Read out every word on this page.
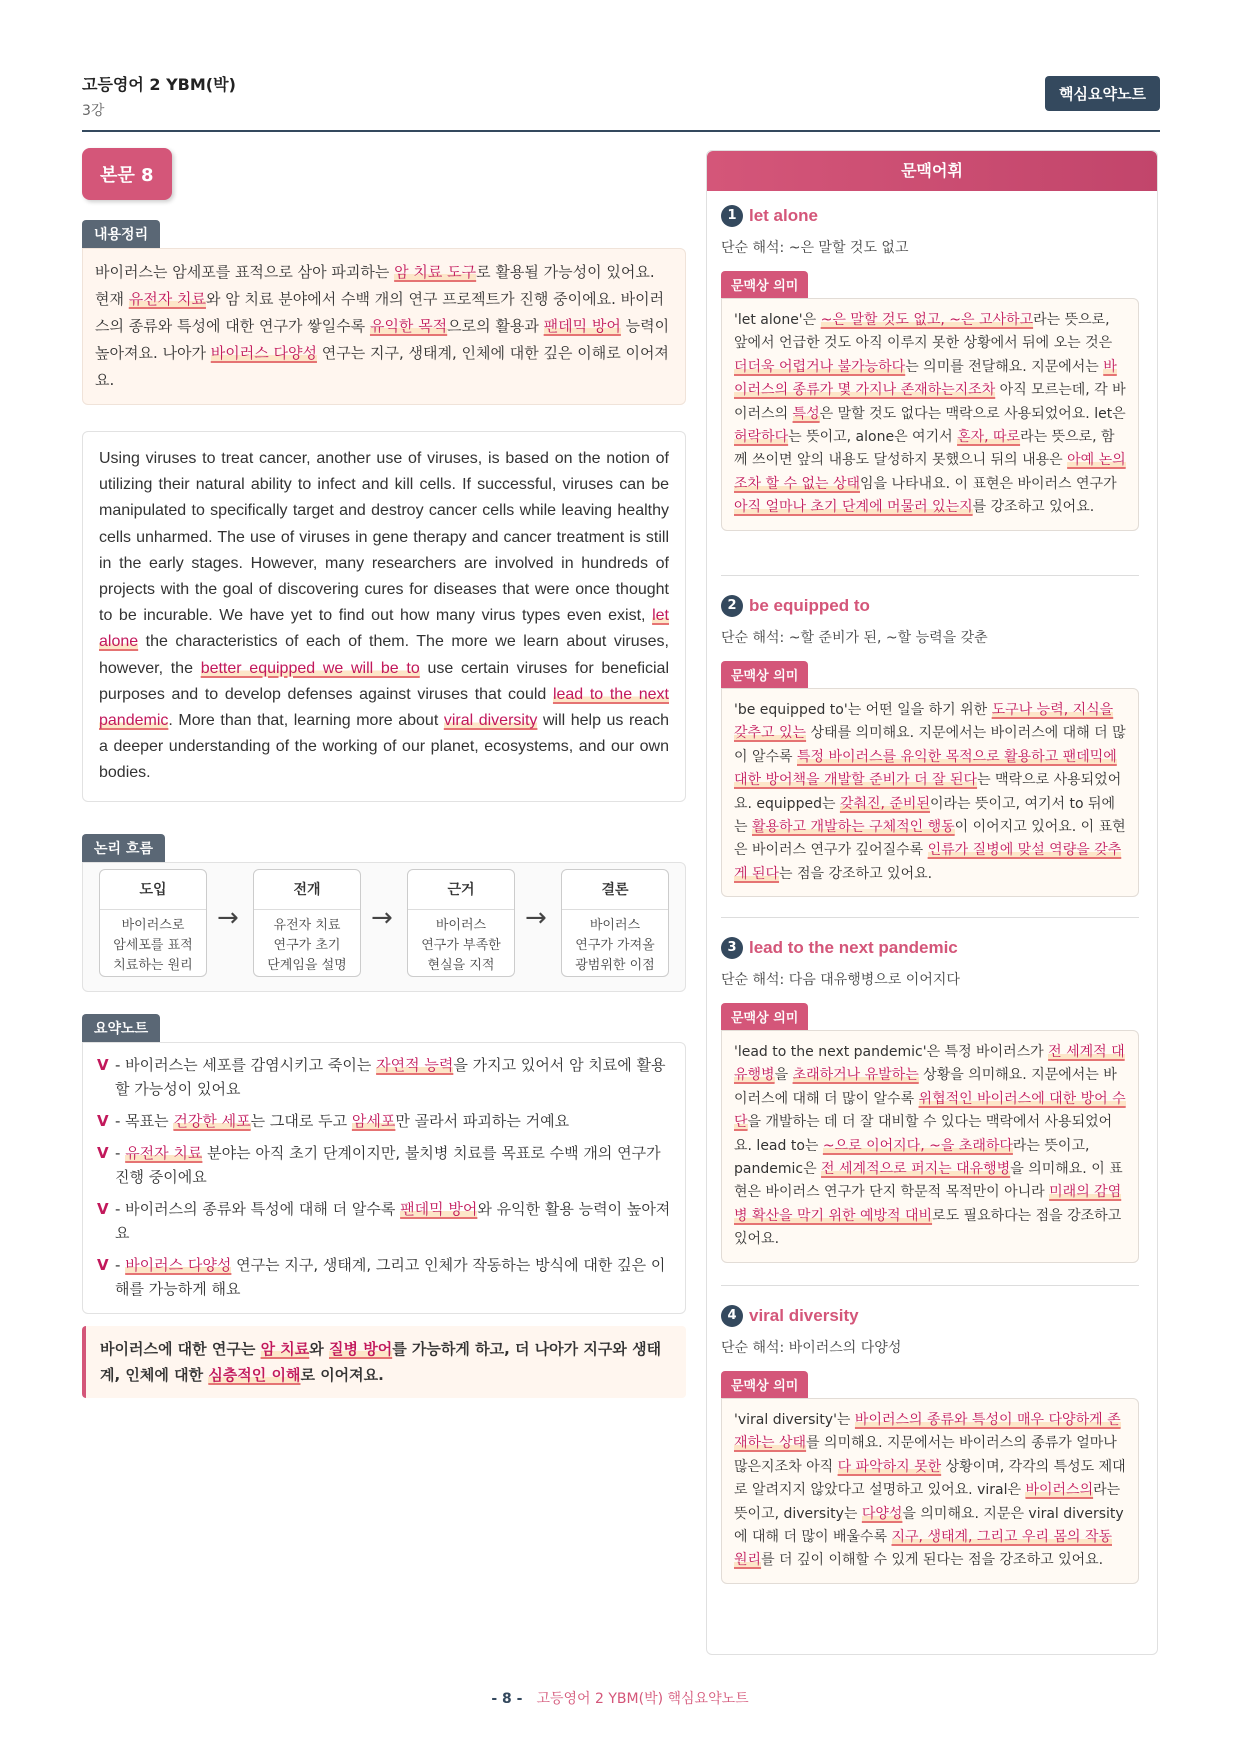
고등영어 2 YBM(박)
3강
핵심요약노트
본문 8
내용정리
바이러스는 암세포를 표적으로 삼아 파괴하는 암 치료 도구로 활용될 가능성이 있어요. 현재 유전자 치료와 암 치료 분야에서 수백 개의 연구 프로젝트가 진행 중이에요. 바이러스의 종류와 특성에 대한 연구가 쌓일수록 유익한 목적으로의 활용과 팬데믹 방어 능력이 높아져요. 나아가 바이러스 다양성 연구는 지구, 생태계, 인체에 대한 깊은 이해로 이어져요.
Using viruses to treat cancer, another use of viruses, is based on the notion of utilizing their natural ability to infect and kill cells. If successful, viruses can be manipulated to specifically target and destroy cancer cells while leaving healthy cells unharmed. The use of viruses in gene therapy and cancer treatment is still in the early stages. However, many researchers are involved in hundreds of projects with the goal of discovering cures for diseases that were once thought to be incurable. We have yet to find out how many virus types even exist, let alone the characteristics of each of them. The more we learn about viruses, however, the better equipped we will be to use certain viruses for beneficial purposes and to develop defenses against viruses that could lead to the next pandemic. More than that, learning more about viral diversity will help us reach a deeper understanding of the working of our planet, ecosystems, and our own bodies.
논리 흐름
도입
바이러스로
암세포를 표적
치료하는 원리
→
전개
유전자 치료
연구가 초기
단계임을 설명
→
근거
바이러스
연구가 부족한
현실을 지적
→
결론
바이러스
연구가 가져올
광범위한 이점
요약노트
V - 바이러스는 세포를 감염시키고 죽이는 자연적 능력을 가지고 있어서 암 치료에 활용할 가능성이 있어요
V - 목표는 건강한 세포는 그대로 두고 암세포만 골라서 파괴하는 거예요
V - 유전자 치료 분야는 아직 초기 단계이지만, 불치병 치료를 목표로 수백 개의 연구가 진행 중이에요
V - 바이러스의 종류와 특성에 대해 더 알수록 팬데믹 방어와 유익한 활용 능력이 높아져요
V - 바이러스 다양성 연구는 지구, 생태계, 그리고 인체가 작동하는 방식에 대한 깊은 이해를 가능하게 해요
바이러스에 대한 연구는 암 치료와 질병 방어를 가능하게 하고, 더 나아가 지구와 생태계, 인체에 대한 심층적인 이해로 이어져요.
문맥어휘
1 let alone
단순 해석: ~은 말할 것도 없고
문맥상 의미
'let alone'은 ~은 말할 것도 없고, ~은 고사하고라는 뜻으로, 앞에서 언급한 것도 아직 이루지 못한 상황에서 뒤에 오는 것은 더더욱 어렵거나 불가능하다는 의미를 전달해요. 지문에서는 바이러스의 종류가 몇 가지나 존재하는지조차 아직 모르는데, 각 바이러스의 특성은 말할 것도 없다는 맥락으로 사용되었어요. let은 허락하다는 뜻이고, alone은 여기서 혼자, 따로라는 뜻으로, 함께 쓰이면 앞의 내용도 달성하지 못했으니 뒤의 내용은 아예 논의조차 할 수 없는 상태임을 나타내요. 이 표현은 바이러스 연구가 아직 얼마나 초기 단계에 머물러 있는지를 강조하고 있어요.
2 be equipped to
단순 해석: ~할 준비가 된, ~할 능력을 갖춘
문맥상 의미
'be equipped to'는 어떤 일을 하기 위한 도구나 능력, 지식을 갖추고 있는 상태를 의미해요. 지문에서는 바이러스에 대해 더 많이 알수록 특정 바이러스를 유익한 목적으로 활용하고 팬데믹에 대한 방어책을 개발할 준비가 더 잘 된다는 맥락으로 사용되었어요. equipped는 갖춰진, 준비된이라는 뜻이고, 여기서 to 뒤에는 활용하고 개발하는 구체적인 행동이 이어지고 있어요. 이 표현은 바이러스 연구가 깊어질수록 인류가 질병에 맞설 역량을 갖추게 된다는 점을 강조하고 있어요.
3 lead to the next pandemic
단순 해석: 다음 대유행병으로 이어지다
문맥상 의미
'lead to the next pandemic'은 특정 바이러스가 전 세계적 대유행병을 초래하거나 유발하는 상황을 의미해요. 지문에서는 바이러스에 대해 더 많이 알수록 위협적인 바이러스에 대한 방어 수단을 개발하는 데 더 잘 대비할 수 있다는 맥락에서 사용되었어요. lead to는 ~으로 이어지다, ~을 초래하다라는 뜻이고, pandemic은 전 세계적으로 퍼지는 대유행병을 의미해요. 이 표현은 바이러스 연구가 단지 학문적 목적만이 아니라 미래의 감염병 확산을 막기 위한 예방적 대비로도 필요하다는 점을 강조하고 있어요.
4 viral diversity
단순 해석: 바이러스의 다양성
문맥상 의미
'viral diversity'는 바이러스의 종류와 특성이 매우 다양하게 존재하는 상태를 의미해요. 지문에서는 바이러스의 종류가 얼마나 많은지조차 아직 다 파악하지 못한 상황이며, 각각의 특성도 제대로 알려지지 않았다고 설명하고 있어요. viral은 바이러스의라는 뜻이고, diversity는 다양성을 의미해요. 지문은 viral diversity에 대해 더 많이 배울수록 지구, 생태계, 그리고 우리 몸의 작동 원리를 더 깊이 이해할 수 있게 된다는 점을 강조하고 있어요.
- 8 - 고등영어 2 YBM(박) 핵심요약노트
